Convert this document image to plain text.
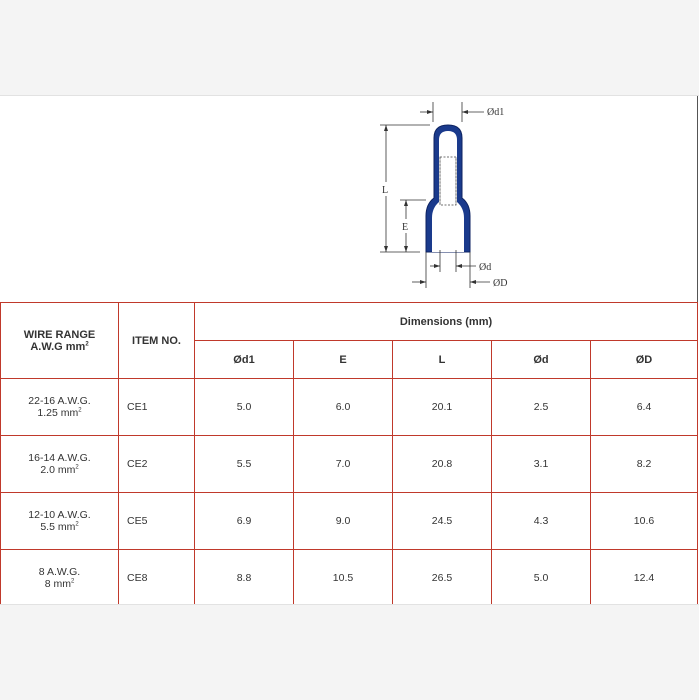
Ød1
L
E
Ød
ØD
WIRE RANGE
A.W.G $mm^2$	ITEM NO.	Dimensions (mm)				
		Ød1	E	L	Ød	ØD
22-16 A.W.G.
1.25 $mm^2$	CE1	5.0	6.0	20.1	2.5	6.4
16-14 A.W.G.
2.0 $mm^2$	CE2	5.5	7.0	20.8	3.1	8.2
12-10 A.W.G.
5.5 $mm^2$	CE5	6.9	9.0	24.5	4.3	10.6
8 A.W.G.
8 $mm^2$	CE8	8.8	10.5	26.5	5.0	12.4
